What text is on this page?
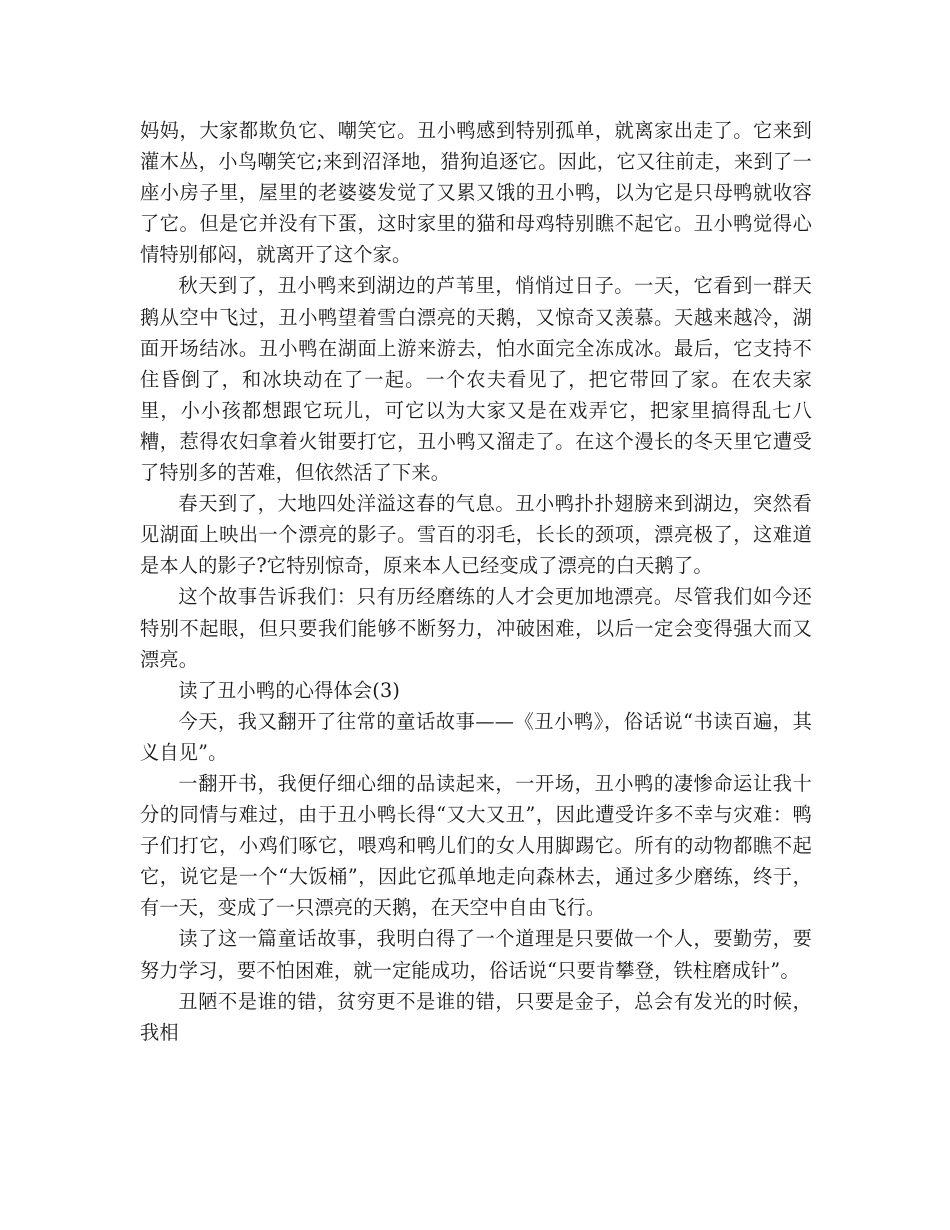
妈妈，大家都欺负它、嘲笑它。丑小鸭感到特别孤单，就离家出走了。它来到灌木丛，小鸟嘲笑它;来到沼泽地，猎狗追逐它。因此，它又往前走，来到了一座小房子里，屋里的老婆婆发觉了又累又饿的丑小鸭，以为它是只母鸭就收容了它。但是它并没有下蛋，这时家里的猫和母鸡特别瞧不起它。丑小鸭觉得心情特别郁闷，就离开了这个家。

秋天到了，丑小鸭来到湖边的芦苇里，悄悄过日子。一天，它看到一群天鹅从空中飞过，丑小鸭望着雪白漂亮的天鹅，又惊奇又羡慕。天越来越冷，湖面开场结冰。丑小鸭在湖面上游来游去，怕水面完全冻成冰。最后，它支持不住昏倒了，和冰块动在了一起。一个农夫看见了，把它带回了家。在农夫家里，小小孩都想跟它玩儿，可它以为大家又是在戏弄它，把家里搞得乱七八糟，惹得农妇拿着火钳要打它，丑小鸭又溜走了。在这个漫长的冬天里它遭受了特别多的苦难，但依然活了下来。

春天到了，大地四处洋溢这春的气息。丑小鸭扑扑翅膀来到湖边，突然看见湖面上映出一个漂亮的影子。雪百的羽毛，长长的颈项，漂亮极了，这难道是本人的影子?它特别惊奇，原来本人已经变成了漂亮的白天鹅了。

这个故事告诉我们：只有历经磨练的人才会更加地漂亮。尽管我们如今还特别不起眼，但只要我们能够不断努力，冲破困难，以后一定会变得强大而又漂亮。

读了丑小鸭的心得体会(3)

今天，我又翻开了往常的童话故事——《丑小鸭》，俗话说“书读百遍，其义自见”。

一翻开书，我便仔细心细的品读起来，一开场，丑小鸭的凄惨命运让我十分的同情与难过，由于丑小鸭长得“又大又丑”，因此遭受许多不幸与灾难：鸭子们打它，小鸡们啄它，喂鸡和鸭儿们的女人用脚踢它。所有的动物都瞧不起它，说它是一个“大饭桶”，因此它孤单地走向森林去，通过多少磨练，终于，有一天，变成了一只漂亮的天鹅，在天空中自由飞行。

读了这一篇童话故事，我明白得了一个道理是只要做一个人，要勤劳，要努力学习，要不怕困难，就一定能成功，俗话说“只要肯攀登，铁柱磨成针”。

丑陋不是谁的错，贫穷更不是谁的错，只要是金子，总会有发光的时候，我相
